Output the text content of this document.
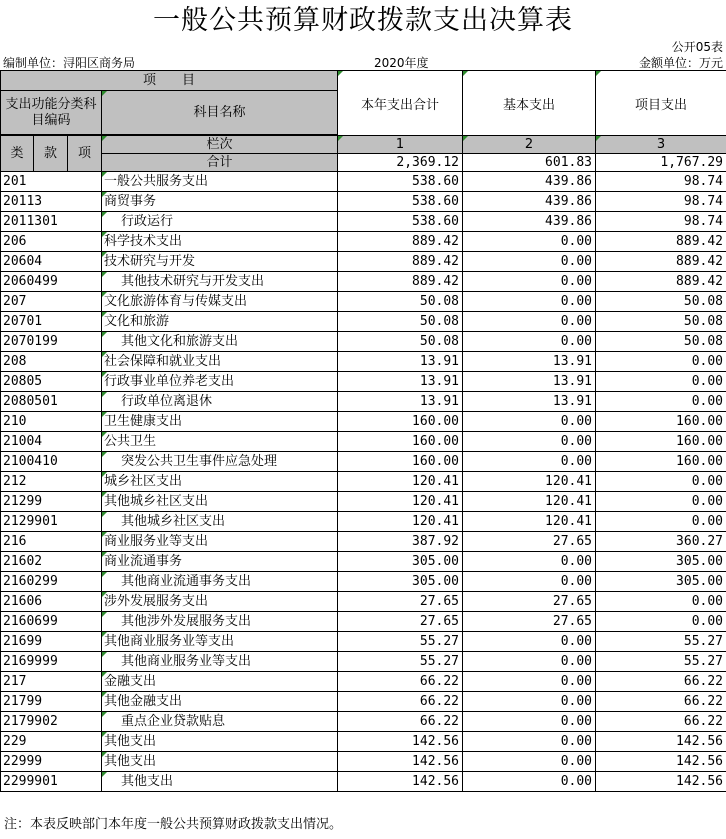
一般公共预算财政拨款支出决算表
公开05表
编制单位：浔阳区商务局	2020年度	金额单位：万元
项　　目				本年支出合计	基本支出	项目支出
支出功能分类科目编码			科目名称			

类	款	项	栏次	1	2	3
			合计	2,369.12	601.83	1,767.29
201			一般公共服务支出	538.60	439.86	98.74
20113			商贸事务	538.60	439.86	98.74
2011301			行政运行	538.60	439.86	98.74
206			科学技术支出	889.42	0.00	889.42
20604			技术研究与开发	889.42	0.00	889.42
2060499			其他技术研究与开发支出	889.42	0.00	889.42
207			文化旅游体育与传媒支出	50.08	0.00	50.08
20701			文化和旅游	50.08	0.00	50.08
2070199			其他文化和旅游支出	50.08	0.00	50.08
208			社会保障和就业支出	13.91	13.91	0.00
20805			行政事业单位养老支出	13.91	13.91	0.00
2080501			行政单位离退休	13.91	13.91	0.00
210			卫生健康支出	160.00	0.00	160.00
21004			公共卫生	160.00	0.00	160.00
2100410			突发公共卫生事件应急处理	160.00	0.00	160.00
212			城乡社区支出	120.41	120.41	0.00
21299			其他城乡社区支出	120.41	120.41	0.00
2129901			其他城乡社区支出	120.41	120.41	0.00
216			商业服务业等支出	387.92	27.65	360.27
21602			商业流通事务	305.00	0.00	305.00
2160299			其他商业流通事务支出	305.00	0.00	305.00
21606			涉外发展服务支出	27.65	27.65	0.00
2160699			其他涉外发展服务支出	27.65	27.65	0.00
21699			其他商业服务业等支出	55.27	0.00	55.27
2169999			其他商业服务业等支出	55.27	0.00	55.27
217			金融支出	66.22	0.00	66.22
21799			其他金融支出	66.22	0.00	66.22
2179902			重点企业贷款贴息	66.22	0.00	66.22
229			其他支出	142.56	0.00	142.56
22999			其他支出	142.56	0.00	142.56
2299901			其他支出	142.56	0.00	142.56
注：本表反映部门本年度一般公共预算财政拨款支出情况。
